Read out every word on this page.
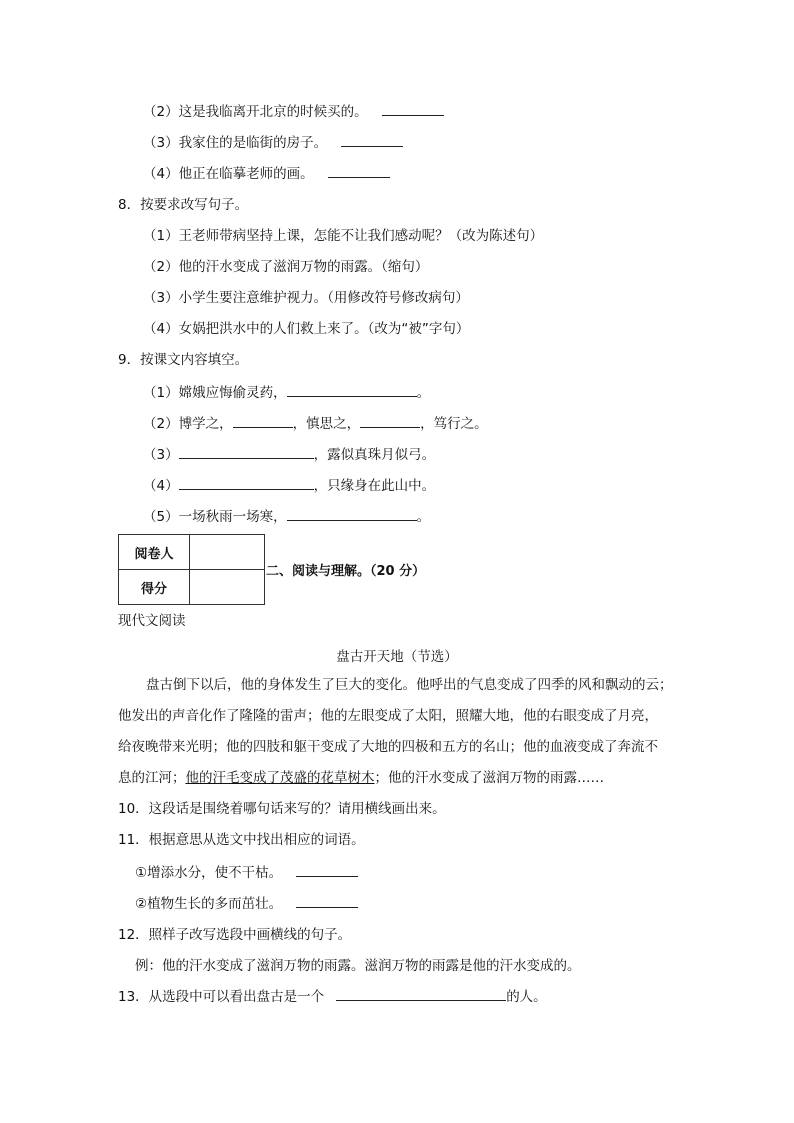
（2）这是我临离开北京的时候买的。
（3）我家住的是临街的房子。
（4）他正在临摹老师的画。
8．按要求改写句子。
（1）王老师带病坚持上课，怎能不让我们感动呢？（改为陈述句）
（2）他的汗水变成了滋润万物的雨露。（缩句）
（3）小学生要注意维护视力。（用修改符号修改病句）
（4）女娲把洪水中的人们救上来了。（改为“被”字句）
9．按课文内容填空。
（1）嫦娥应悔偷灵药，	。
（2）博学之，	，慎思之，	，笃行之。
（3）	，露似真珠月似弓。
（4）	，只缘身在此山中。
（5）一场秋雨一场寒，	。
阅卷人	
得分	
二、阅读与理解。（20 分）
现代文阅读
盘古开天地（节选）
盘古倒下以后，他的身体发生了巨大的变化。他呼出的气息变成了四季的风和飘动的云；
他发出的声音化作了隆隆的雷声；他的左眼变成了太阳，照耀大地，他的右眼变成了月亮，
给夜晚带来光明；他的四肢和躯干变成了大地的四极和五方的名山；他的血液变成了奔流不
息的江河；他的汗毛变成了茂盛的花草树木；他的汗水变成了滋润万物的雨露……
10．这段话是围绕着哪句话来写的？请用横线画出来。
11．根据意思从选文中找出相应的词语。
①增添水分，使不干枯。
②植物生长的多而茁壮。
12．照样子改写选段中画横线的句子。
例：他的汗水变成了滋润万物的雨露。滋润万物的雨露是他的汗水变成的。
13．从选段中可以看出盘古是一个	的人。
